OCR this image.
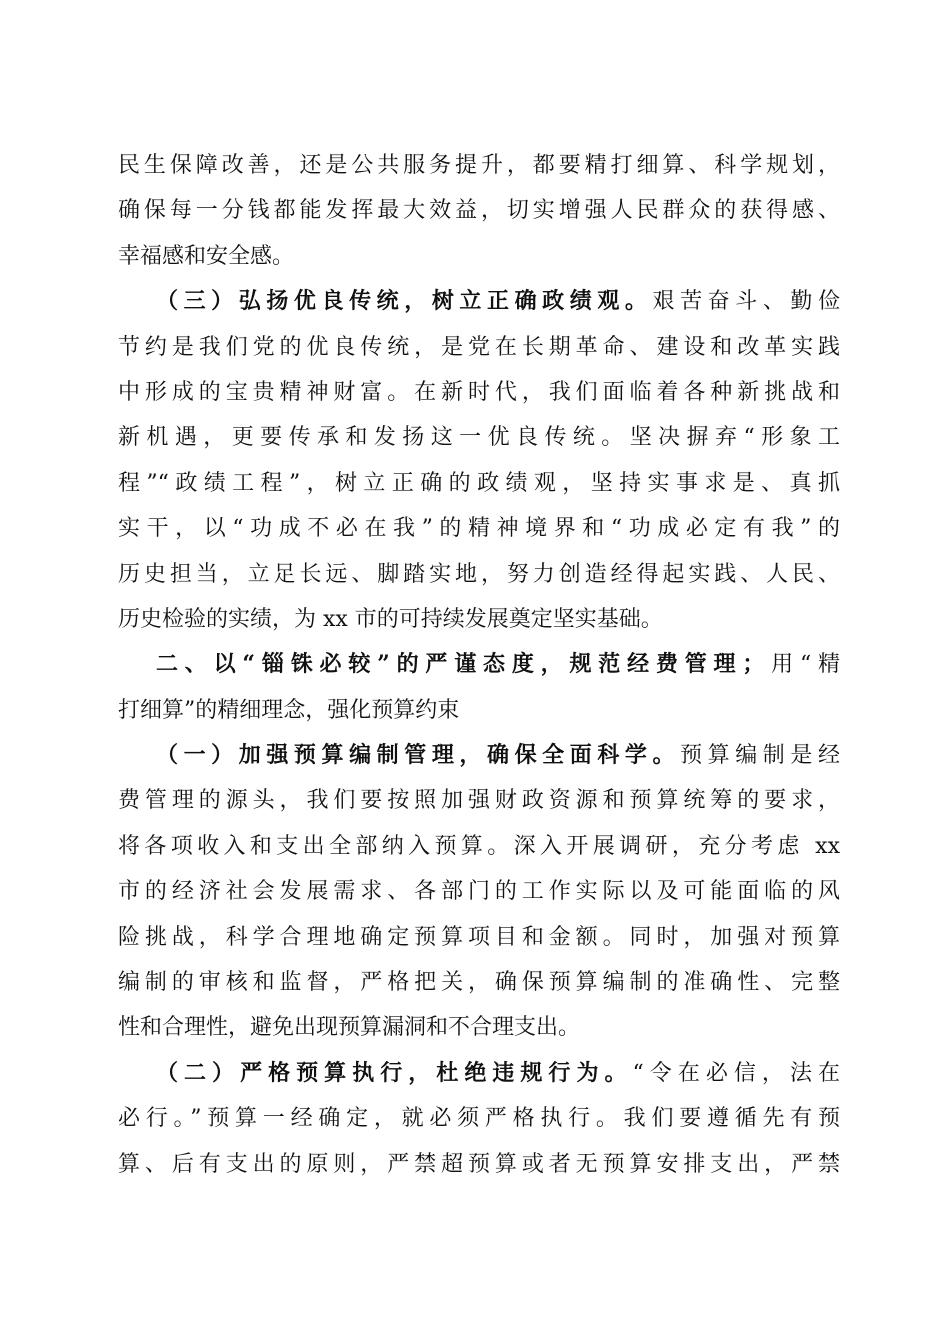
民生保障改善，还是公共服务提升，都要精打细算、科学规划，
确保每一分钱都能发挥最大效益，切实增强人民群众的获得感、
幸福感和安全感。
（三）弘扬优良传统，树立正确政绩观。艰苦奋斗、勤俭
节约是我们党的优良传统，是党在长期革命、建设和改革实践
中形成的宝贵精神财富。在新时代，我们面临着各种新挑战和
新机遇，更要传承和发扬这一优良传统。坚决摒弃“形象工
程”“政绩工程”，树立正确的政绩观，坚持实事求是、真抓
实干，以“功成不必在我”的精神境界和“功成必定有我”的
历史担当，立足长远、脚踏实地，努力创造经得起实践、人民、
历史检验的实绩，为 xx 市的可持续发展奠定坚实基础。
二、以“锱铢必较”的严谨态度，规范经费管理；用“精
打细算”的精细理念，强化预算约束
（一）加强预算编制管理，确保全面科学。预算编制是经
费管理的源头，我们要按照加强财政资源和预算统筹的要求，
将各项收入和支出全部纳入预算。深入开展调研，充分考虑 xx
市的经济社会发展需求、各部门的工作实际以及可能面临的风
险挑战，科学合理地确定预算项目和金额。同时，加强对预算
编制的审核和监督，严格把关，确保预算编制的准确性、完整
性和合理性，避免出现预算漏洞和不合理支出。
（二）严格预算执行，杜绝违规行为。“令在必信，法在
必行。”预算一经确定，就必须严格执行。我们要遵循先有预
算、后有支出的原则，严禁超预算或者无预算安排支出，严禁
